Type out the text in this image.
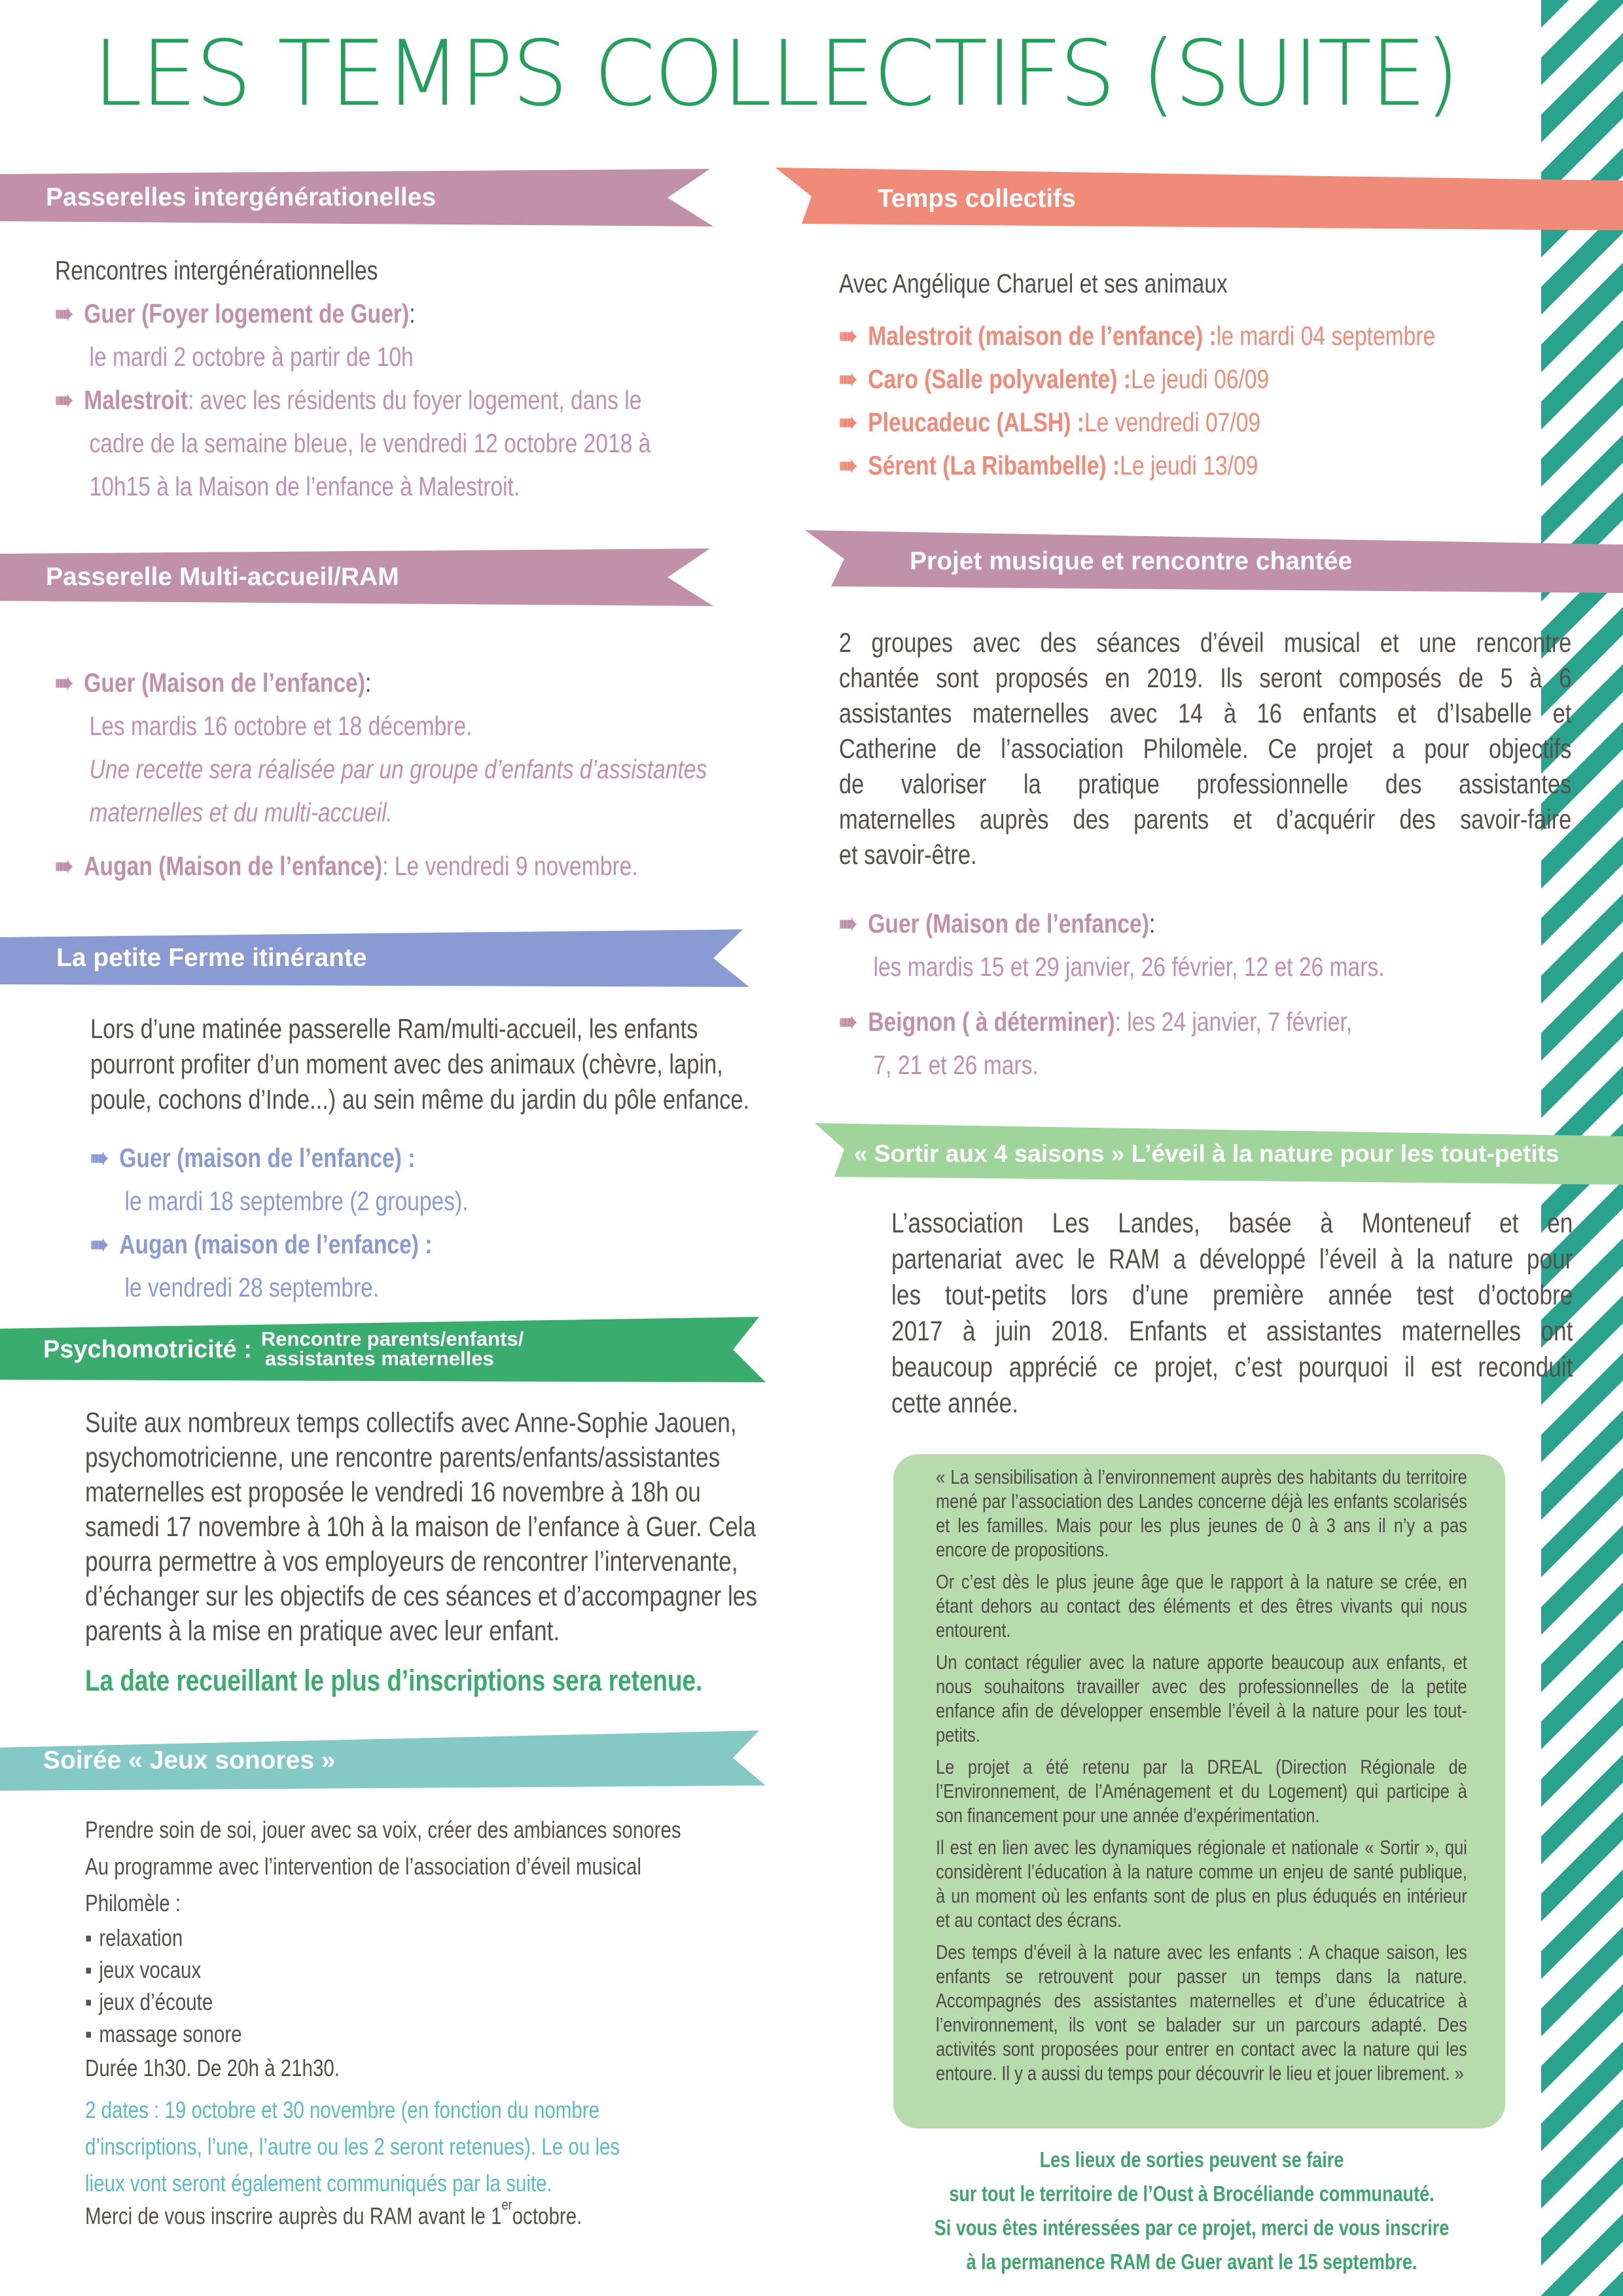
LES TEMPS COLLECTIFS (SUITE)
Passerelles intergénérationelles
Rencontres intergénérationnelles
➠ Guer (Foyer logement de Guer) :
le mardi 2 octobre à partir de 10h
➠ Malestroit : avec les résidents du foyer logement, dans le
cadre de la semaine bleue, le vendredi 12 octobre 2018 à
10h15 à la Maison de l’enfance à Malestroit.
Passerelle Multi-accueil/RAM
➠ Guer (Maison de l’enfance) :
Les mardis 16 octobre et 18 décembre.
Une recette sera réalisée par un groupe d’enfants d’assistantes
maternelles et du multi-accueil.
➠ Augan (Maison de l’enfance) : Le vendredi 9 novembre.
La petite Ferme itinérante
Lors d’une matinée passerelle Ram/multi-accueil, les enfants
pourront profiter d’un moment avec des animaux (chèvre, lapin,
poule, cochons d’Inde...) au sein même du jardin du pôle enfance.
➠ Guer (maison de l’enfance) :
le mardi 18 septembre (2 groupes).
➠ Augan (maison de l’enfance) :
le vendredi 28 septembre.
Psychomotricité : Rencontre parents/enfants/
assistantes maternelles
Suite aux nombreux temps collectifs avec Anne-Sophie Jaouen,
psychomotricienne, une rencontre parents/enfants/assistantes
maternelles est proposée le vendredi 16 novembre à 18h ou
samedi 17 novembre à 10h à la maison de l’enfance à Guer. Cela
pourra permettre à vos employeurs de rencontrer l’intervenante,
d’échanger sur les objectifs de ces séances et d’accompagner les
parents à la mise en pratique avec leur enfant.
La date recueillant le plus d’inscriptions sera retenue.
Soirée « Jeux sonores »
Prendre soin de soi, jouer avec sa voix, créer des ambiances sonores
Au programme avec l’intervention de l’association d’éveil musical
Philomèle :
▪ relaxation
▪ jeux vocaux
▪ jeux d’écoute
▪ massage sonore
Durée 1h30. De 20h à 21h30.
2 dates : 19 octobre et 30 novembre (en fonction du nombre
d’inscriptions, l’une, l’autre ou les 2 seront retenues). Le ou les
lieux vont seront également communiqués par la suite.
Merci de vous inscrire auprès du RAM avant le 1er octobre.
Temps collectifs
Avec Angélique Charuel et ses animaux
➠ Malestroit (maison de l’enfance) : le mardi 04 septembre
➠ Caro (Salle polyvalente) : Le jeudi 06/09
➠ Pleucadeuc (ALSH) : Le vendredi 07/09
➠ Sérent (La Ribambelle) : Le jeudi 13/09
Projet musique et rencontre chantée
2 groupes avec des séances d’éveil musical et une rencontre
chantée sont proposés en 2019. Ils seront composés de 5 à 6
assistantes maternelles avec 14 à 16 enfants et d’Isabelle et
Catherine de l’association Philomèle. Ce projet a pour objectifs
de valoriser la pratique professionnelle des assistantes
maternelles auprès des parents et d’acquérir des savoir-faire
et savoir-être.
➠ Guer (Maison de l’enfance) :
les mardis 15 et 29 janvier, 26 février, 12 et 26 mars.
➠ Beignon ( à déterminer) : les 24 janvier, 7 février,
7, 21 et 26 mars.
« Sortir aux 4 saisons » L’éveil à la nature pour les tout-petits
L’association Les Landes, basée à Monteneuf et en
partenariat avec le RAM a développé l’éveil à la nature pour
les tout-petits lors d’une première année test d’octobre
2017 à juin 2018. Enfants et assistantes maternelles ont
beaucoup apprécié ce projet, c’est pourquoi il est reconduit
cette année.

« La sensibilisation à l’environnement auprès des habitants du territoire mené par l’association des Landes concerne déjà les enfants scolarisés et les familles. Mais pour les plus jeunes de 0 à 3 ans il n’y a pas encore de propositions.

Or c’est dès le plus jeune âge que le rapport à la nature se crée, en étant dehors au contact des éléments et des êtres vivants qui nous entourent.

Un contact régulier avec la nature apporte beaucoup aux enfants, et nous souhaitons travailler avec des professionnelles de la petite enfance afin de développer ensemble l’éveil à la nature pour les tout-petits.

Le projet a été retenu par la DREAL (Direction Régionale de l’Environnement, de l’Aménagement et du Logement) qui participe à son financement pour une année d’expérimentation.

Il est en lien avec les dynamiques régionale et nationale « Sortir », qui considèrent l’éducation à la nature comme un enjeu de santé publique, à un moment où les enfants sont de plus en plus éduqués en intérieur et au contact des écrans.

Des temps d’éveil à la nature avec les enfants : A chaque saison, les enfants se retrouvent pour passer un temps dans la nature. Accompagnés des assistantes maternelles et d’une éducatrice à l’environnement, ils vont se balader sur un parcours adapté. Des activités sont proposées pour entrer en contact avec la nature qui les entoure. Il y a aussi du temps pour découvrir le lieu et jouer librement. »

Les lieux de sorties peuvent se faire
sur tout le territoire de l’Oust à Brocéliande communauté.
Si vous êtes intéressées par ce projet, merci de vous inscrire
à la permanence RAM de Guer avant le 15 septembre.
